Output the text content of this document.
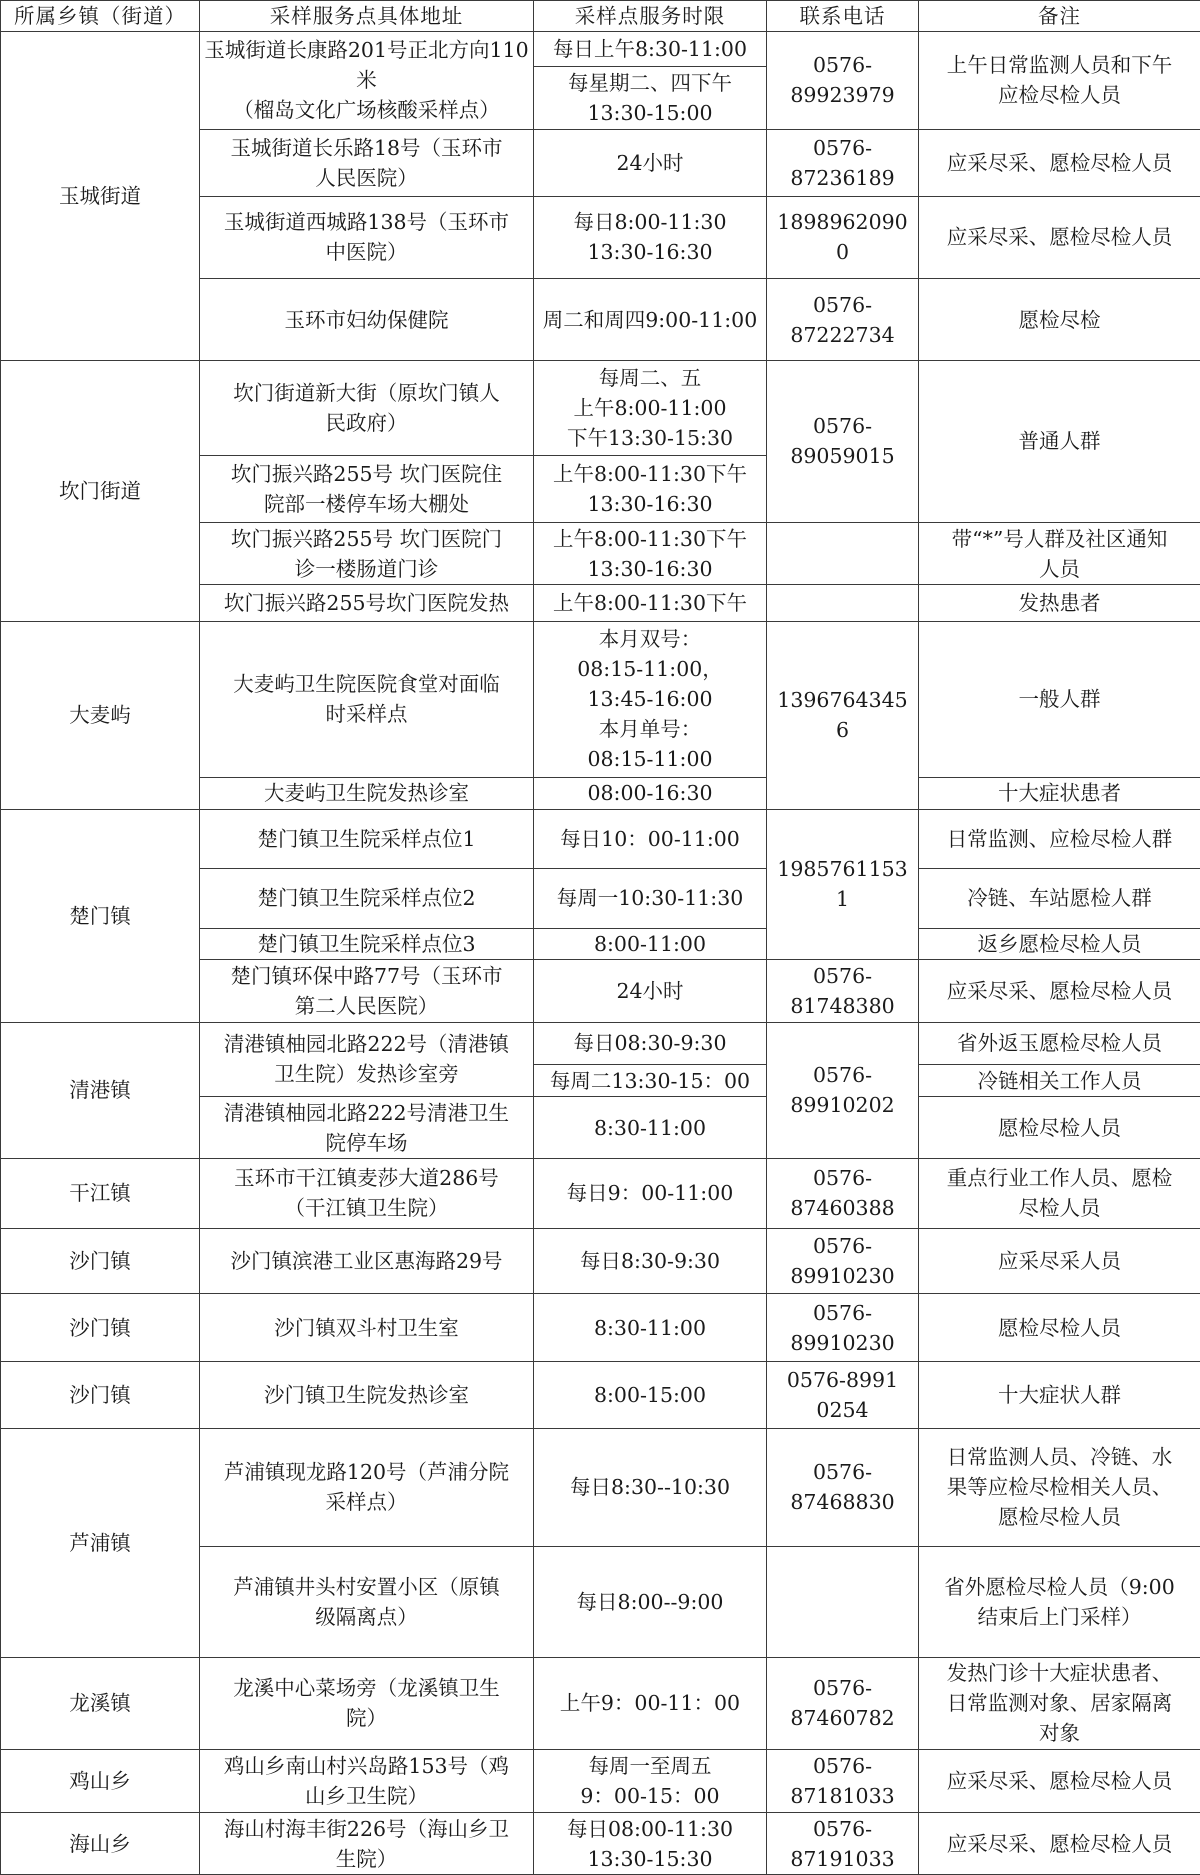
所属乡镇（街道）	采样服务点具体地址	采样点服务时限	联系电话	备注
玉城街道	玉城街道长康路201号正北方向110米
（榴岛文化广场核酸采样点）	每日上午8:30-11:00	0576-
89923979	上午日常监测人员和下午
应检尽检人员
		每星期二、四下午
13:30-15:00		
	玉城街道长乐路18号（玉环市
人民医院）	24小时	0576-
87236189	应采尽采、愿检尽检人员
	玉城街道西城路138号（玉环市
中医院）	每日8:00-11:30
13:30-16:30	18989620900	应采尽采、愿检尽检人员
	玉环市妇幼保健院	周二和周四9:00-11:00	0576-
87222734	愿检尽检
坎门街道	坎门街道新大街（原坎门镇人
民政府）	每周二、五
上午8:00-11:00
下午13:30-15:30	0576-
89059015	普通人群
	坎门振兴路255号 坎门医院住
院部一楼停车场大棚处	上午8:00-11:30下午
13:30-16:30		
	坎门振兴路255号 坎门医院门
诊一楼肠道门诊	上午8:00-11:30下午
13:30-16:30		带“*”号人群及社区通知
人员
	坎门振兴路255号坎门医院发热	上午8:00-11:30下午		发热患者
大麦屿	大麦屿卫生院医院食堂对面临
时采样点	本月双号：
08:15-11:00，
13:45-16:00
本月单号：
08:15-11:00	13967643456	一般人群
	大麦屿卫生院发热诊室	08:00-16:30		十大症状患者
楚门镇	楚门镇卫生院采样点位1	每日10：00-11:00	19857611531	日常监测、应检尽检人群
	楚门镇卫生院采样点位2	每周一10:30-11:30		冷链、车站愿检人群
	楚门镇卫生院采样点位3	8:00-11:00		返乡愿检尽检人员
	楚门镇环保中路77号（玉环市
第二人民医院）	24小时	0576-
81748380	应采尽采、愿检尽检人员
清港镇	清港镇柚园北路222号（清港镇
卫生院）发热诊室旁	每日08:30-9:30	0576-
89910202	省外返玉愿检尽检人员
		每周二13:30-15：00		冷链相关工作人员
	清港镇柚园北路222号清港卫生
院停车场	8:30-11:00		愿检尽检人员
干江镇	玉环市干江镇麦莎大道286号
（干江镇卫生院）	每日9：00-11:00	0576-
87460388	重点行业工作人员、愿检
尽检人员
沙门镇	沙门镇滨港工业区惠海路29号	每日8:30-9:30	0576-
89910230	应采尽采人员
沙门镇	沙门镇双斗村卫生室	8:30-11:00	0576-
89910230	愿检尽检人员
沙门镇	沙门镇卫生院发热诊室	8:00-15:00	0576-8991
0254	十大症状人群
芦浦镇	芦浦镇现龙路120号（芦浦分院
采样点）	每日8:30--10:30	0576-
87468830	日常监测人员、冷链、水
果等应检尽检相关人员、
愿检尽检人员
	芦浦镇井头村安置小区（原镇
级隔离点）	每日8:00--9:00		省外愿检尽检人员（9:00
结束后上门采样）
龙溪镇	龙溪中心菜场旁（龙溪镇卫生
院）	上午9：00-11：00	0576-
87460782	发热门诊十大症状患者、
日常监测对象、居家隔离
对象
鸡山乡	鸡山乡南山村兴岛路153号（鸡
山乡卫生院）	每周一至周五
9：00-15：00	0576-
87181033	应采尽采、愿检尽检人员
海山乡	海山村海丰街226号（海山乡卫
生院）	每日08:00-11:30
13:30-15:30	0576-
87191033	应采尽采、愿检尽检人员
